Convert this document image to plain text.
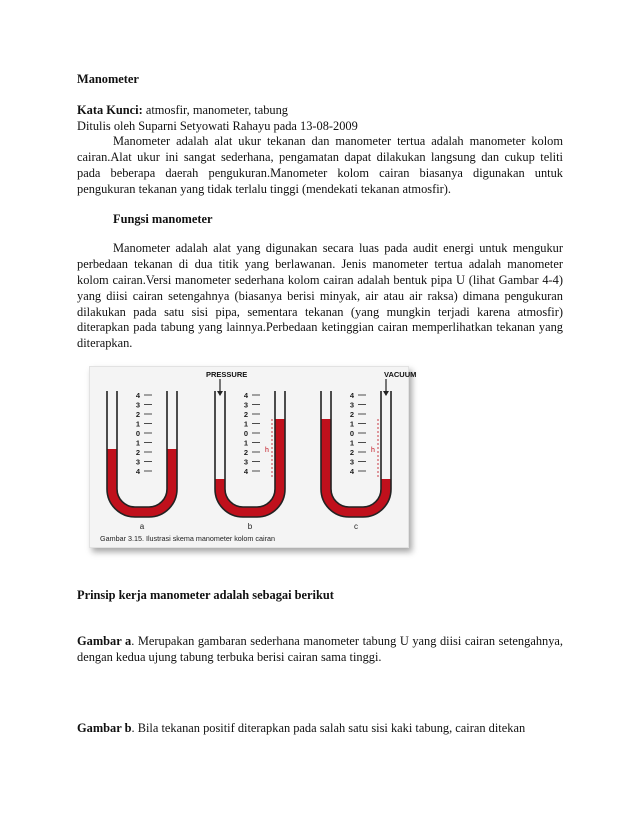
Manometer

Kata Kunci: atmosfir, manometer, tabung

Ditulis oleh Suparni Setyowati Rahayu pada 13-08-2009

Manometer adalah alat ukur tekanan dan manometer tertua adalah manometer kolom cairan.Alat ukur ini sangat sederhana, pengamatan dapat dilakukan langsung dan cukup teliti pada beberapa daerah pengukuran.Manometer kolom cairan biasanya digunakan untuk pengukuran tekanan yang tidak terlalu tinggi (mendekati tekanan atmosfir).

Fungsi manometer

Manometer adalah alat yang digunakan secara luas pada audit energi untuk mengukur perbedaan tekanan di dua titik yang berlawanan. Jenis manometer tertua adalah manometer kolom cairan.Versi manometer sederhana kolom cairan adalah bentuk pipa U (lihat Gambar 4-4) yang diisi cairan setengahnya (biasanya berisi minyak, air atau air raksa) dimana pengukuran dilakukan pada satu sisi pipa, sementara tekanan (yang mungkin terjadi karena atmosfir) diterapkan pada tabung yang lainnya.Perbedaan ketinggian cairan memperlihatkan tekanan yang diterapkan.

4
3
2
1
0
1
2
3
4
a
4
3
2
1
0
1
2
3
4
h
PRESSURE
b
4
3
2
1
0
1
2
3
4
h
VACUUM
c
Gambar 3.15. Ilustrasi skema manometer kolom cairan

Prinsip kerja manometer adalah sebagai berikut

Gambar a. Merupakan gambaran sederhana manometer tabung U yang diisi cairan setengahnya, dengan kedua ujung tabung terbuka berisi cairan sama tinggi.

Gambar b. Bila tekanan positif diterapkan pada salah satu sisi kaki tabung, cairan ditekan
